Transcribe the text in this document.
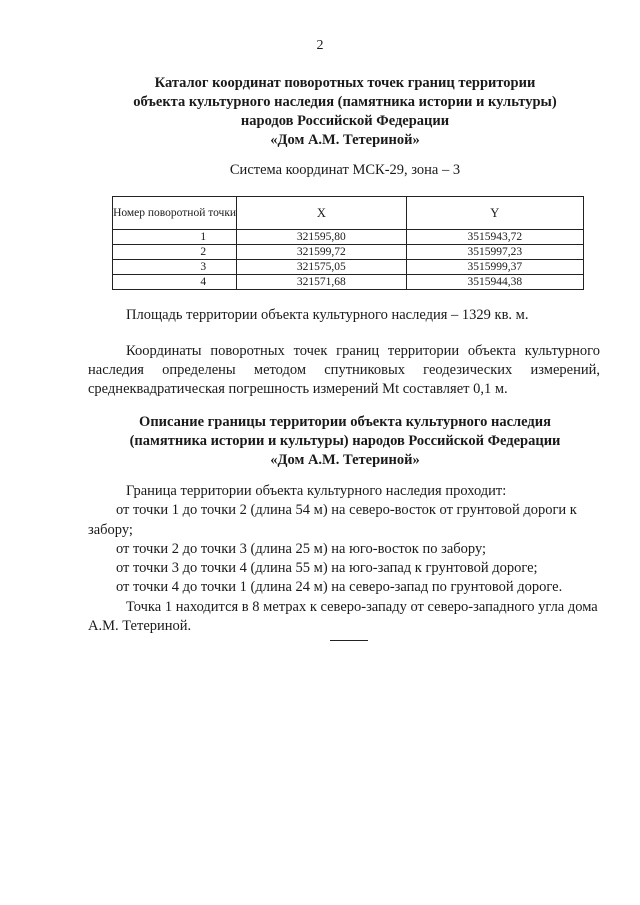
2
Каталог координат поворотных точек границ территории
объекта культурного наследия (памятника истории и культуры)
народов Российской Федерации
«Дом А.М. Тетериной»
Система координат МСК-29, зона – 3
Номер поворотной точки	X	Y
1	321595,80	3515943,72
2	321599,72	3515997,23
3	321575,05	3515999,37
4	321571,68	3515944,38
Площадь территории объекта культурного наследия – 1329 кв. м.
Координаты поворотных точек границ территории объекта культурного наследия определены методом спутниковых геодезических измерений, среднеквадратическая погрешность измерений Mt составляет 0,1 м.
Описание границы территории объекта культурного наследия
(памятника истории и культуры) народов Российской Федерации
«Дом А.М. Тетериной»
Граница территории объекта культурного наследия проходит:
от точки 1 до точки 2 (длина 54 м) на северо-восток от грунтовой дороги к забору;
от точки 2 до точки 3 (длина 25 м) на юго-восток по забору;
от точки 3 до точки 4 (длина 55 м) на юго-запад к грунтовой дороге;
от точки 4 до точки 1 (длина 24 м) на северо-запад по грунтовой дороге.
Точка 1 находится в 8 метрах к северо-западу от северо-западного угла дома А.М. Тетериной.
